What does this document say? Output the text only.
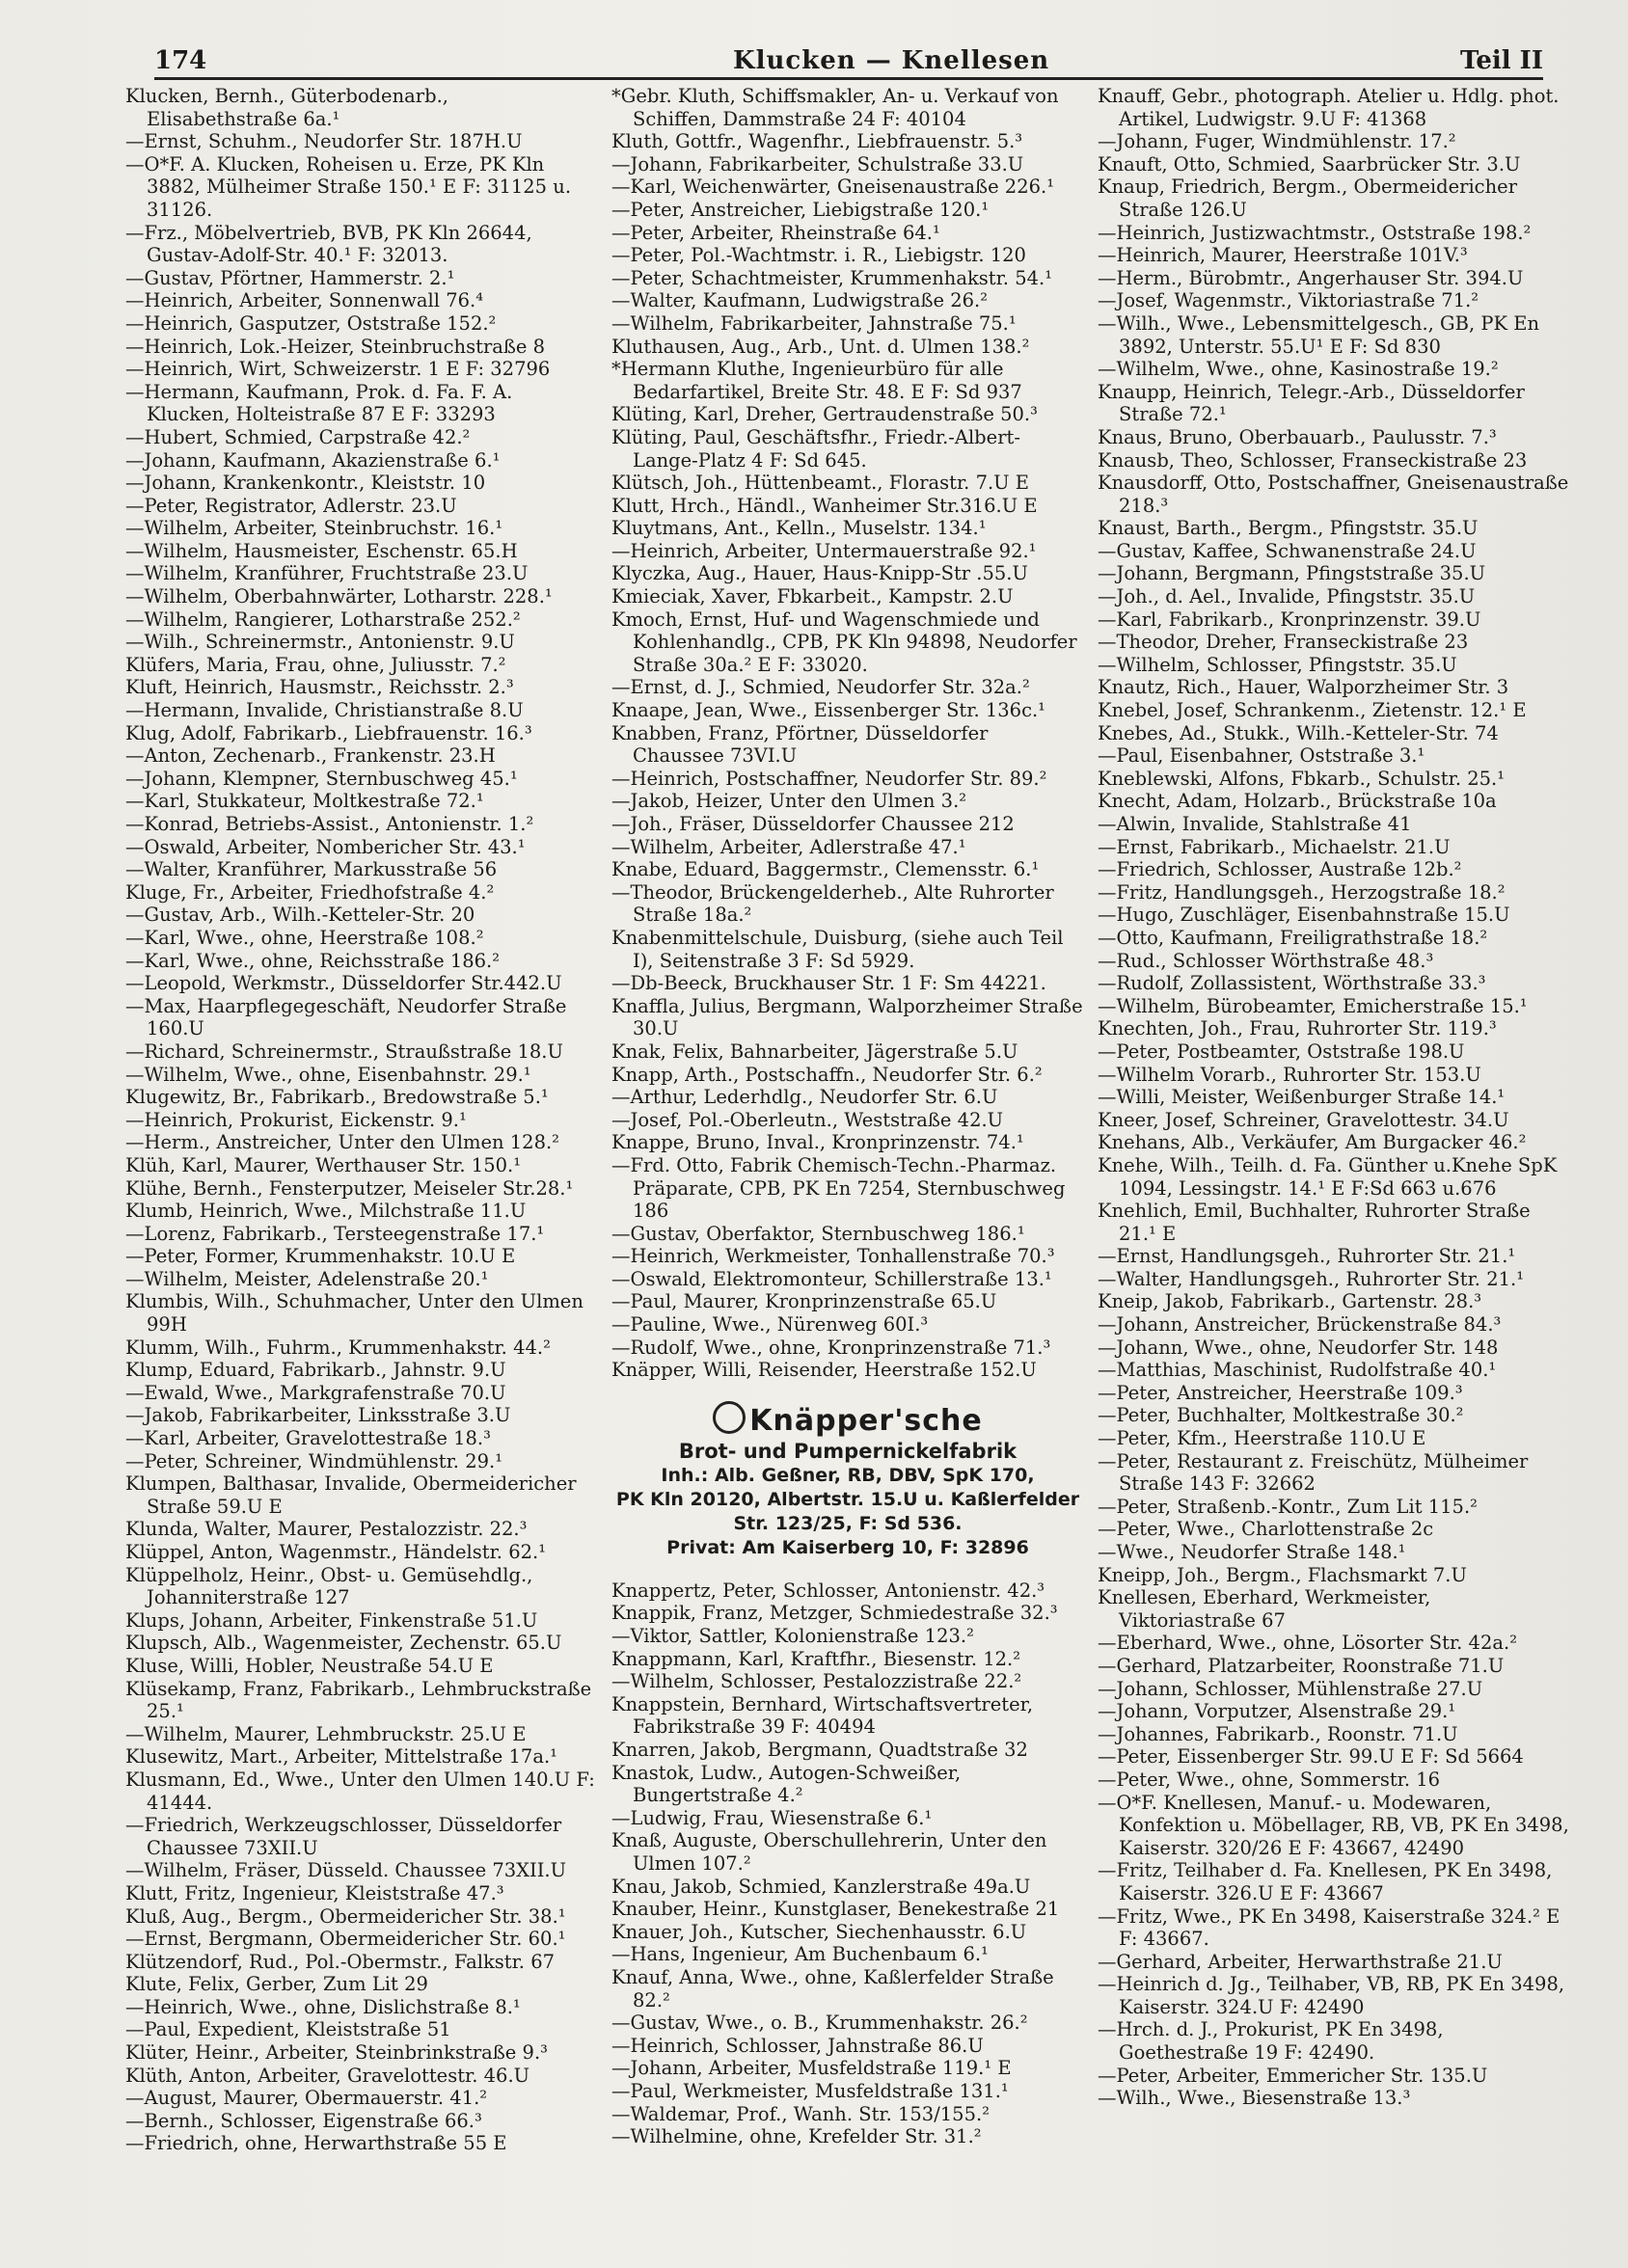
174	Klucken — Knellesen	Teil II

Klucken, Bernh., Güterbodenarb., Elisabethstraße 6a.¹

—Ernst, Schuhm., Neudorfer Str. 187H.U

—O*F. A. Klucken, Roheisen u. Erze, PK Kln 3882, Mülheimer Straße 150.¹ E F: 31125 u. 31126.

—Frz., Möbelvertrieb, BVB, PK Kln 26644, Gustav-Adolf-Str. 40.¹ F: 32013.

—Gustav, Pförtner, Hammerstr. 2.¹

—Heinrich, Arbeiter, Sonnenwall 76.⁴

—Heinrich, Gasputzer, Oststraße 152.²

—Heinrich, Lok.-Heizer, Steinbruchstraße 8

—Heinrich, Wirt, Schweizerstr. 1 E F: 32796

—Hermann, Kaufmann, Prok. d. Fa. F. A. Klucken, Holteistraße 87 E F: 33293

—Hubert, Schmied, Carpstraße 42.²

—Johann, Kaufmann, Akazienstraße 6.¹

—Johann, Krankenkontr., Kleiststr. 10

—Peter, Registrator, Adlerstr. 23.U

—Wilhelm, Arbeiter, Steinbruchstr. 16.¹

—Wilhelm, Hausmeister, Eschenstr. 65.H

—Wilhelm, Kranführer, Fruchtstraße 23.U

—Wilhelm, Oberbahnwärter, Lotharstr. 228.¹

—Wilhelm, Rangierer, Lotharstraße 252.²

—Wilh., Schreinermstr., Antonienstr. 9.U

Klüfers, Maria, Frau, ohne, Juliusstr. 7.²

Kluft, Heinrich, Hausmstr., Reichsstr. 2.³

—Hermann, Invalide, Christianstraße 8.U

Klug, Adolf, Fabrikarb., Liebfrauenstr. 16.³

—Anton, Zechenarb., Frankenstr. 23.H

—Johann, Klempner, Sternbuschweg 45.¹

—Karl, Stukkateur, Moltkestraße 72.¹

—Konrad, Betriebs-Assist., Antonienstr. 1.²

—Oswald, Arbeiter, Nombericher Str. 43.¹

—Walter, Kranführer, Markusstraße 56

Kluge, Fr., Arbeiter, Friedhofstraße 4.²

—Gustav, Arb., Wilh.-Ketteler-Str. 20

—Karl, Wwe., ohne, Heerstraße 108.²

—Karl, Wwe., ohne, Reichsstraße 186.²

—Leopold, Werkmstr., Düsseldorfer Str.442.U

—Max, Haarpflegegeschäft, Neudorfer Straße 160.U

—Richard, Schreinermstr., Straußstraße 18.U

—Wilhelm, Wwe., ohne, Eisenbahnstr. 29.¹

Klugewitz, Br., Fabrikarb., Bredowstraße 5.¹

—Heinrich, Prokurist, Eickenstr. 9.¹

—Herm., Anstreicher, Unter den Ulmen 128.²

Klüh, Karl, Maurer, Werthauser Str. 150.¹

Klühe, Bernh., Fensterputzer, Meiseler Str.28.¹

Klumb, Heinrich, Wwe., Milchstraße 11.U

—Lorenz, Fabrikarb., Tersteegenstraße 17.¹

—Peter, Former, Krummenhakstr. 10.U E

—Wilhelm, Meister, Adelenstraße 20.¹

Klumbis, Wilh., Schuhmacher, Unter den Ulmen 99H

Klumm, Wilh., Fuhrm., Krummenhakstr. 44.²

Klump, Eduard, Fabrikarb., Jahnstr. 9.U

—Ewald, Wwe., Markgrafenstraße 70.U

—Jakob, Fabrikarbeiter, Linksstraße 3.U

—Karl, Arbeiter, Gravelottestraße 18.³

—Peter, Schreiner, Windmühlenstr. 29.¹

Klumpen, Balthasar, Invalide, Obermeidericher Straße 59.U E

Klunda, Walter, Maurer, Pestalozzistr. 22.³

Klüppel, Anton, Wagenmstr., Händelstr. 62.¹

Klüppelholz, Heinr., Obst- u. Gemüsehdlg., Johanniterstraße 127

Klups, Johann, Arbeiter, Finkenstraße 51.U

Klupsch, Alb., Wagenmeister, Zechenstr. 65.U

Kluse, Willi, Hobler, Neustraße 54.U E

Klüsekamp, Franz, Fabrikarb., Lehmbruckstraße 25.¹

—Wilhelm, Maurer, Lehmbruckstr. 25.U E

Klusewitz, Mart., Arbeiter, Mittelstraße 17a.¹

Klusmann, Ed., Wwe., Unter den Ulmen 140.U F: 41444.

—Friedrich, Werkzeugschlosser, Düsseldorfer Chaussee 73XII.U

—Wilhelm, Fräser, Düsseld. Chaussee 73XII.U

Klutt, Fritz, Ingenieur, Kleiststraße 47.³

Kluß, Aug., Bergm., Obermeidericher Str. 38.¹

—Ernst, Bergmann, Obermeidericher Str. 60.¹

Klützendorf, Rud., Pol.-Obermstr., Falkstr. 67

Klute, Felix, Gerber, Zum Lit 29

—Heinrich, Wwe., ohne, Dislichstraße 8.¹

—Paul, Expedient, Kleiststraße 51

Klüter, Heinr., Arbeiter, Steinbrinkstraße 9.³

Klüth, Anton, Arbeiter, Gravelottestr. 46.U

—August, Maurer, Obermauerstr. 41.²

—Bernh., Schlosser, Eigenstraße 66.³

—Friedrich, ohne, Herwarthstraße 55 E

*Gebr. Kluth, Schiffsmakler, An- u. Verkauf von Schiffen, Dammstraße 24 F: 40104

Kluth, Gottfr., Wagenfhr., Liebfrauenstr. 5.³

—Johann, Fabrikarbeiter, Schulstraße 33.U

—Karl, Weichenwärter, Gneisenaustraße 226.¹

—Peter, Anstreicher, Liebigstraße 120.¹

—Peter, Arbeiter, Rheinstraße 64.¹

—Peter, Pol.-Wachtmstr. i. R., Liebigstr. 120

—Peter, Schachtmeister, Krummenhakstr. 54.¹

—Walter, Kaufmann, Ludwigstraße 26.²

—Wilhelm, Fabrikarbeiter, Jahnstraße 75.¹

Kluthausen, Aug., Arb., Unt. d. Ulmen 138.²

*Hermann Kluthe, Ingenieurbüro für alle Bedarfartikel, Breite Str. 48. E F: Sd 937

Klüting, Karl, Dreher, Gertraudenstraße 50.³

Klüting, Paul, Geschäftsfhr., Friedr.-Albert-Lange-Platz 4 F: Sd 645.

Klütsch, Joh., Hüttenbeamt., Florastr. 7.U E

Klutt, Hrch., Händl., Wanheimer Str.316.U E

Kluytmans, Ant., Kelln., Muselstr. 134.¹

—Heinrich, Arbeiter, Untermauerstraße 92.¹

Klyczka, Aug., Hauer, Haus-Knipp-Str .55.U

Kmieciak, Xaver, Fbkarbeit., Kampstr. 2.U

Kmoch, Ernst, Huf- und Wagenschmiede und Kohlenhandlg., CPB, PK Kln 94898, Neudorfer Straße 30a.² E F: 33020.

—Ernst, d. J., Schmied, Neudorfer Str. 32a.²

Knaape, Jean, Wwe., Eissenberger Str. 136c.¹

Knabben, Franz, Pförtner, Düsseldorfer Chaussee 73VI.U

—Heinrich, Postschaffner, Neudorfer Str. 89.²

—Jakob, Heizer, Unter den Ulmen 3.²

—Joh., Fräser, Düsseldorfer Chaussee 212

—Wilhelm, Arbeiter, Adlerstraße 47.¹

Knabe, Eduard, Baggermstr., Clemensstr. 6.¹

—Theodor, Brückengelderheb., Alte Ruhrorter Straße 18a.²

Knabenmittelschule, Duisburg, (siehe auch Teil I), Seitenstraße 3 F: Sd 5929.

—Db-Beeck, Bruckhauser Str. 1 F: Sm 44221.

Knaffla, Julius, Bergmann, Walporzheimer Straße 30.U

Knak, Felix, Bahnarbeiter, Jägerstraße 5.U

Knapp, Arth., Postschaffn., Neudorfer Str. 6.²

—Arthur, Lederhdlg., Neudorfer Str. 6.U

—Josef, Pol.-Oberleutn., Weststraße 42.U

Knappe, Bruno, Inval., Kronprinzenstr. 74.¹

—Frd. Otto, Fabrik Chemisch-Techn.-Pharmaz. Präparate, CPB, PK En 7254, Sternbuschweg 186

—Gustav, Oberfaktor, Sternbuschweg 186.¹

—Heinrich, Werkmeister, Tonhallenstraße 70.³

—Oswald, Elektromonteur, Schillerstraße 13.¹

—Paul, Maurer, Kronprinzenstraße 65.U

—Pauline, Wwe., Nürenweg 60I.³

—Rudolf, Wwe., ohne, Kronprinzenstraße 71.³

Knäpper, Willi, Reisender, Heerstraße 152.U

Knäpper'sche
Brot- und Pumpernickelfabrik
Inh.: Alb. Geßner, RB, DBV, SpK 170,
PK Kln 20120, Albertstr. 15.U u. Kaßlerfelder Str. 123/25, F: Sd 536.
Privat: Am Kaiserberg 10, F: 32896

Knappertz, Peter, Schlosser, Antonienstr. 42.³

Knappik, Franz, Metzger, Schmiedestraße 32.³

—Viktor, Sattler, Kolonienstraße 123.²

Knappmann, Karl, Kraftfhr., Biesenstr. 12.²

—Wilhelm, Schlosser, Pestalozzistraße 22.²

Knappstein, Bernhard, Wirtschaftsvertreter, Fabrikstraße 39 F: 40494

Knarren, Jakob, Bergmann, Quadtstraße 32

Knastok, Ludw., Autogen-Schweißer, Bungertstraße 4.²

—Ludwig, Frau, Wiesenstraße 6.¹

Knaß, Auguste, Oberschullehrerin, Unter den Ulmen 107.²

Knau, Jakob, Schmied, Kanzlerstraße 49a.U

Knauber, Heinr., Kunstglaser, Benekestraße 21

Knauer, Joh., Kutscher, Siechenhausstr. 6.U

—Hans, Ingenieur, Am Buchenbaum 6.¹

Knauf, Anna, Wwe., ohne, Kaßlerfelder Straße 82.²

—Gustav, Wwe., o. B., Krummenhakstr. 26.²

—Heinrich, Schlosser, Jahnstraße 86.U

—Johann, Arbeiter, Musfeldstraße 119.¹ E

—Paul, Werkmeister, Musfeldstraße 131.¹

—Waldemar, Prof., Wanh. Str. 153/155.²

—Wilhelmine, ohne, Krefelder Str. 31.²

Knauff, Gebr., photograph. Atelier u. Hdlg. phot. Artikel, Ludwigstr. 9.U F: 41368

—Johann, Fuger, Windmühlenstr. 17.²

Knauft, Otto, Schmied, Saarbrücker Str. 3.U

Knaup, Friedrich, Bergm., Obermeidericher Straße 126.U

—Heinrich, Justizwachtmstr., Oststraße 198.²

—Heinrich, Maurer, Heerstraße 101V.³

—Herm., Bürobmtr., Angerhauser Str. 394.U

—Josef, Wagenmstr., Viktoriastraße 71.²

—Wilh., Wwe., Lebensmittelgesch., GB, PK En 3892, Unterstr. 55.U¹ E F: Sd 830

—Wilhelm, Wwe., ohne, Kasinostraße 19.²

Knaupp, Heinrich, Telegr.-Arb., Düsseldorfer Straße 72.¹

Knaus, Bruno, Oberbauarb., Paulusstr. 7.³

Knausb, Theo, Schlosser, Franseckistraße 23

Knausdorff, Otto, Postschaffner, Gneisenaustraße 218.³

Knaust, Barth., Bergm., Pfingststr. 35.U

—Gustav, Kaffee, Schwanenstraße 24.U

—Johann, Bergmann, Pfingststraße 35.U

—Joh., d. Ael., Invalide, Pfingststr. 35.U

—Karl, Fabrikarb., Kronprinzenstr. 39.U

—Theodor, Dreher, Franseckistraße 23

—Wilhelm, Schlosser, Pfingststr. 35.U

Knautz, Rich., Hauer, Walporzheimer Str. 3

Knebel, Josef, Schrankenm., Zietenstr. 12.¹ E

Knebes, Ad., Stukk., Wilh.-Ketteler-Str. 74

—Paul, Eisenbahner, Oststraße 3.¹

Kneblewski, Alfons, Fbkarb., Schulstr. 25.¹

Knecht, Adam, Holzarb., Brückstraße 10a

—Alwin, Invalide, Stahlstraße 41

—Ernst, Fabrikarb., Michaelstr. 21.U

—Friedrich, Schlosser, Austraße 12b.²

—Fritz, Handlungsgeh., Herzogstraße 18.²

—Hugo, Zuschläger, Eisenbahnstraße 15.U

—Otto, Kaufmann, Freiligrathstraße 18.²

—Rud., Schlosser Wörthstraße 48.³

—Rudolf, Zollassistent, Wörthstraße 33.³

—Wilhelm, Bürobeamter, Emicherstraße 15.¹

Knechten, Joh., Frau, Ruhrorter Str. 119.³

—Peter, Postbeamter, Oststraße 198.U

—Wilhelm Vorarb., Ruhrorter Str. 153.U

—Willi, Meister, Weißenburger Straße 14.¹

Kneer, Josef, Schreiner, Gravelottestr. 34.U

Knehans, Alb., Verkäufer, Am Burgacker 46.²

Knehe, Wilh., Teilh. d. Fa. Günther u.Knehe SpK 1094, Lessingstr. 14.¹ E F:Sd 663 u.676

Knehlich, Emil, Buchhalter, Ruhrorter Straße 21.¹ E

—Ernst, Handlungsgeh., Ruhrorter Str. 21.¹

—Walter, Handlungsgeh., Ruhrorter Str. 21.¹

Kneip, Jakob, Fabrikarb., Gartenstr. 28.³

—Johann, Anstreicher, Brückenstraße 84.³

—Johann, Wwe., ohne, Neudorfer Str. 148

—Matthias, Maschinist, Rudolfstraße 40.¹

—Peter, Anstreicher, Heerstraße 109.³

—Peter, Buchhalter, Moltkestraße 30.²

—Peter, Kfm., Heerstraße 110.U E

—Peter, Restaurant z. Freischütz, Mülheimer Straße 143 F: 32662

—Peter, Straßenb.-Kontr., Zum Lit 115.²

—Peter, Wwe., Charlottenstraße 2c

—Wwe., Neudorfer Straße 148.¹

Kneipp, Joh., Bergm., Flachsmarkt 7.U

Knellesen, Eberhard, Werkmeister, Viktoriastraße 67

—Eberhard, Wwe., ohne, Lösorter Str. 42a.²

—Gerhard, Platzarbeiter, Roonstraße 71.U

—Johann, Schlosser, Mühlenstraße 27.U

—Johann, Vorputzer, Alsenstraße 29.¹

—Johannes, Fabrikarb., Roonstr. 71.U

—Peter, Eissenberger Str. 99.U E F: Sd 5664

—Peter, Wwe., ohne, Sommerstr. 16

—O*F. Knellesen, Manuf.- u. Modewaren, Konfektion u. Möbellager, RB, VB, PK En 3498, Kaiserstr. 320/26 E F: 43667, 42490

—Fritz, Teilhaber d. Fa. Knellesen, PK En 3498, Kaiserstr. 326.U E F: 43667

—Fritz, Wwe., PK En 3498, Kaiserstraße 324.² E F: 43667.

—Gerhard, Arbeiter, Herwarthstraße 21.U

—Heinrich d. Jg., Teilhaber, VB, RB, PK En 3498, Kaiserstr. 324.U F: 42490

—Hrch. d. J., Prokurist, PK En 3498, Goethestraße 19 F: 42490.

—Peter, Arbeiter, Emmericher Str. 135.U

—Wilh., Wwe., Biesenstraße 13.³
